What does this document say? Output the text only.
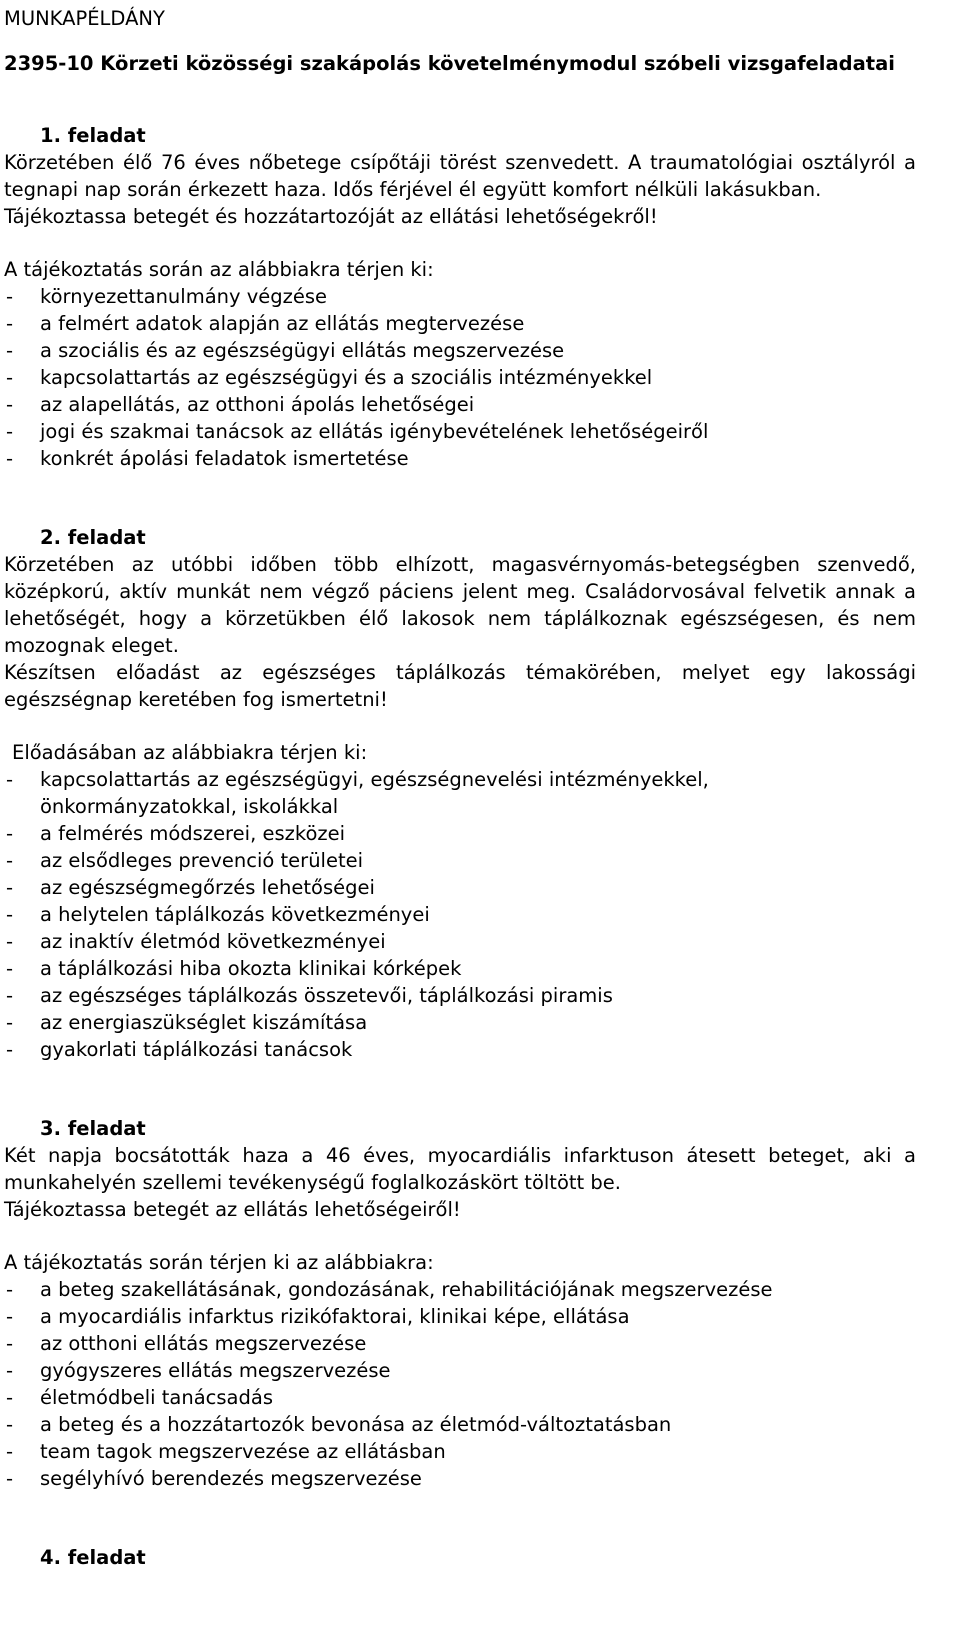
MUNKAPÉLDÁNY

2395-10 Körzeti közösségi szakápolás követelménymodul szóbeli vizsgafeladatai

1. feladat

Körzetében élő 76 éves nőbetege csípőtáji törést szenvedett. A traumatológiai osztályról a

tegnapi nap során érkezett haza. Idős férjével él együtt komfort nélküli lakásukban.

Tájékoztassa betegét és hozzátartozóját az ellátási lehetőségekről!

A tájékoztatás során az alábbiakra térjen ki:

- környezettanulmány végzése
- a felmért adatok alapján az ellátás megtervezése
- a szociális és az egészségügyi ellátás megszervezése
- kapcsolattartás az egészségügyi és a szociális intézményekkel
- az alapellátás, az otthoni ápolás lehetőségei
- jogi és szakmai tanácsok az ellátás igénybevételének lehetőségeiről
- konkrét ápolási feladatok ismertetése

2. feladat

Körzetében az utóbbi időben több elhízott, magasvérnyomás-betegségben szenvedő, középkorú, aktív munkát nem végző páciens jelent meg. Családorvosával felvetik annak a lehetőségét, hogy a körzetükben élő lakosok nem táplálkoznak egészségesen, és nem mozognak eleget.

Készítsen előadást az egészséges táplálkozás témakörében, melyet egy lakossági egészségnap keretében fog ismertetni!

Előadásában az alábbiakra térjen ki:

- kapcsolattartás az egészségügyi, egészségnevelési intézményekkel, önkormányzatokkal, iskolákkal
- a felmérés módszerei, eszközei
- az elsődleges prevenció területei
- az egészségmegőrzés lehetőségei
- a helytelen táplálkozás következményei
- az inaktív életmód következményei
- a táplálkozási hiba okozta klinikai kórképek
- az egészséges táplálkozás összetevői, táplálkozási piramis
- az energiaszükséglet kiszámítása
- gyakorlati táplálkozási tanácsok

3. feladat

Két napja bocsátották haza a 46 éves, myocardiális infarktuson átesett beteget, aki a munkahelyén szellemi tevékenységű foglalkozáskört töltött be.

Tájékoztassa betegét az ellátás lehetőségeiről!

A tájékoztatás során térjen ki az alábbiakra:

- a beteg szakellátásának, gondozásának, rehabilitációjának megszervezése
- a myocardiális infarktus rizikófaktorai, klinikai képe, ellátása
- az otthoni ellátás megszervezése
- gyógyszeres ellátás megszervezése
- életmódbeli tanácsadás
- a beteg és a hozzátartozók bevonása az életmód-változtatásban
- team tagok megszervezése az ellátásban
- segélyhívó berendezés megszervezése

4. feladat
